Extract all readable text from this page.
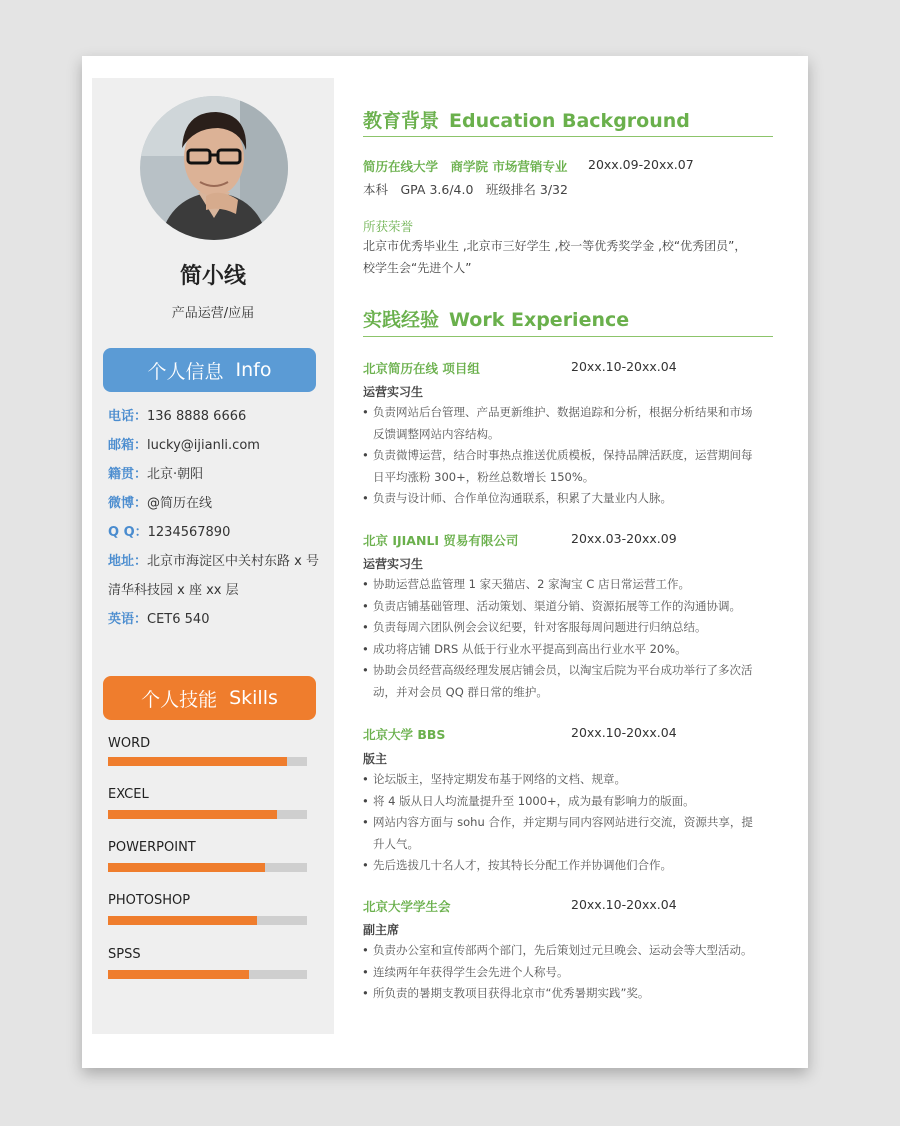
简小线
产品运营/应届
个人信息 Info
电话：136 8888 6666
邮箱：lucky@ijianli.com
籍贯：北京·朝阳
微博：@简历在线
Q Q：1234567890
地址：北京市海淀区中关村东路 x 号
清华科技园 x 座 xx 层
英语：CET6 540
个人技能 Skills
WORD
EXCEL
POWERPOINT
PHOTOSHOP
SPSS
教育背景 Education Background
简历在线大学　商学院 市场营销专业 20xx.09-20xx.07
本科　GPA 3.6/4.0　班级排名 3/32
所获荣誉
北京市优秀毕业生 ,北京市三好学生 ,校一等优秀奖学金 ,校“优秀团员”，
校学生会“先进个人”
实践经验 Work Experience
北京简历在线 项目组	20xx.10-20xx.04
运营实习生
• 负责网站后台管理、产品更新维护、数据追踪和分析，根据分析结果和市场
反馈调整网站内容结构。
• 负责微博运营，结合时事热点推送优质模板，保持品牌活跃度，运营期间每
日平均涨粉 300+，粉丝总数增长 150%。
• 负责与设计师、合作单位沟通联系，积累了大量业内人脉。
北京 IJIANLI 贸易有限公司	20xx.03-20xx.09
运营实习生
• 协助运营总监管理 1 家天猫店、2 家淘宝 C 店日常运营工作。
• 负责店铺基础管理、活动策划、渠道分销、资源拓展等工作的沟通协调。
• 负责每周六团队例会会议纪要，针对客服每周问题进行归纳总结。
• 成功将店铺 DRS 从低于行业水平提高到高出行业水平 20%。
• 协助会员经营高级经理发展店铺会员，以淘宝后院为平台成功举行了多次活
动，并对会员 QQ 群日常的维护。
北京大学 BBS	20xx.10-20xx.04
版主
• 论坛版主，坚持定期发布基于网络的文档、规章。
• 将 4 版从日人均流量提升至 1000+，成为最有影响力的版面。
• 网站内容方面与 sohu 合作，并定期与同内容网站进行交流，资源共享，提
升人气。
• 先后选拔几十名人才，按其特长分配工作并协调他们合作。
北京大学学生会	20xx.10-20xx.04
副主席
• 负责办公室和宣传部两个部门，先后策划过元旦晚会、运动会等大型活动。
• 连续两年年获得学生会先进个人称号。
• 所负责的暑期支教项目获得北京市“优秀暑期实践”奖。
